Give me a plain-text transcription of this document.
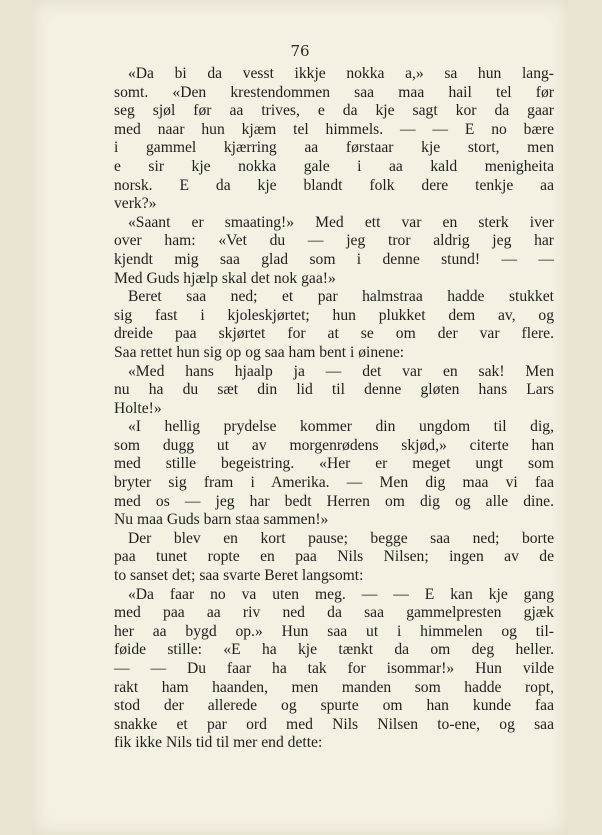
76
«Da bi da vesst ikkje nokka a,» sa hun lang-
somt. «Den krestendommen saa maa hail tel før
seg sjøl før aa trives, e da kje sagt kor da gaar
med naar hun kjæm tel himmels. — — E no bære
i gammel kjærring aa førstaar kje stort, men
e sir kje nokka gale i aa kald menigheita
norsk. E da kje blandt folk dere tenkje aa
verk?»
«Saant er smaating!» Med ett var en sterk iver
over ham: «Vet du — jeg tror aldrig jeg har
kjendt mig saa glad som i denne stund! — —
Med Guds hjælp skal det nok gaa!»
Beret saa ned; et par halmstraa hadde stukket
sig fast i kjoleskjørtet; hun plukket dem av, og
dreide paa skjørtet for at se om der var flere.
Saa rettet hun sig op og saa ham bent i øinene:
«Med hans hjaalp ja — det var en sak! Men
nu ha du sæt din lid til denne gløten hans Lars
Holte!»
«I hellig prydelse kommer din ungdom til dig,
som dugg ut av morgenrødens skjød,» citerte han
med stille begeistring. «Her er meget ungt som
bryter sig fram i Amerika. — Men dig maa vi faa
med os — jeg har bedt Herren om dig og alle dine.
Nu maa Guds barn staa sammen!»
Der blev en kort pause; begge saa ned; borte
paa tunet ropte en paa Nils Nilsen; ingen av de
to sanset det; saa svarte Beret langsomt:
«Da faar no va uten meg. — — E kan kje gang
med paa aa riv ned da saa gammelpresten gjæk
her aa bygd op.» Hun saa ut i himmelen og til-
føide stille: «E ha kje tænkt da om deg heller.
— — Du faar ha tak for isommar!» Hun vilde
rakt ham haanden, men manden som hadde ropt,
stod der allerede og spurte om han kunde faa
snakke et par ord med Nils Nilsen to-ene, og saa
fik ikke Nils tid til mer end dette:
